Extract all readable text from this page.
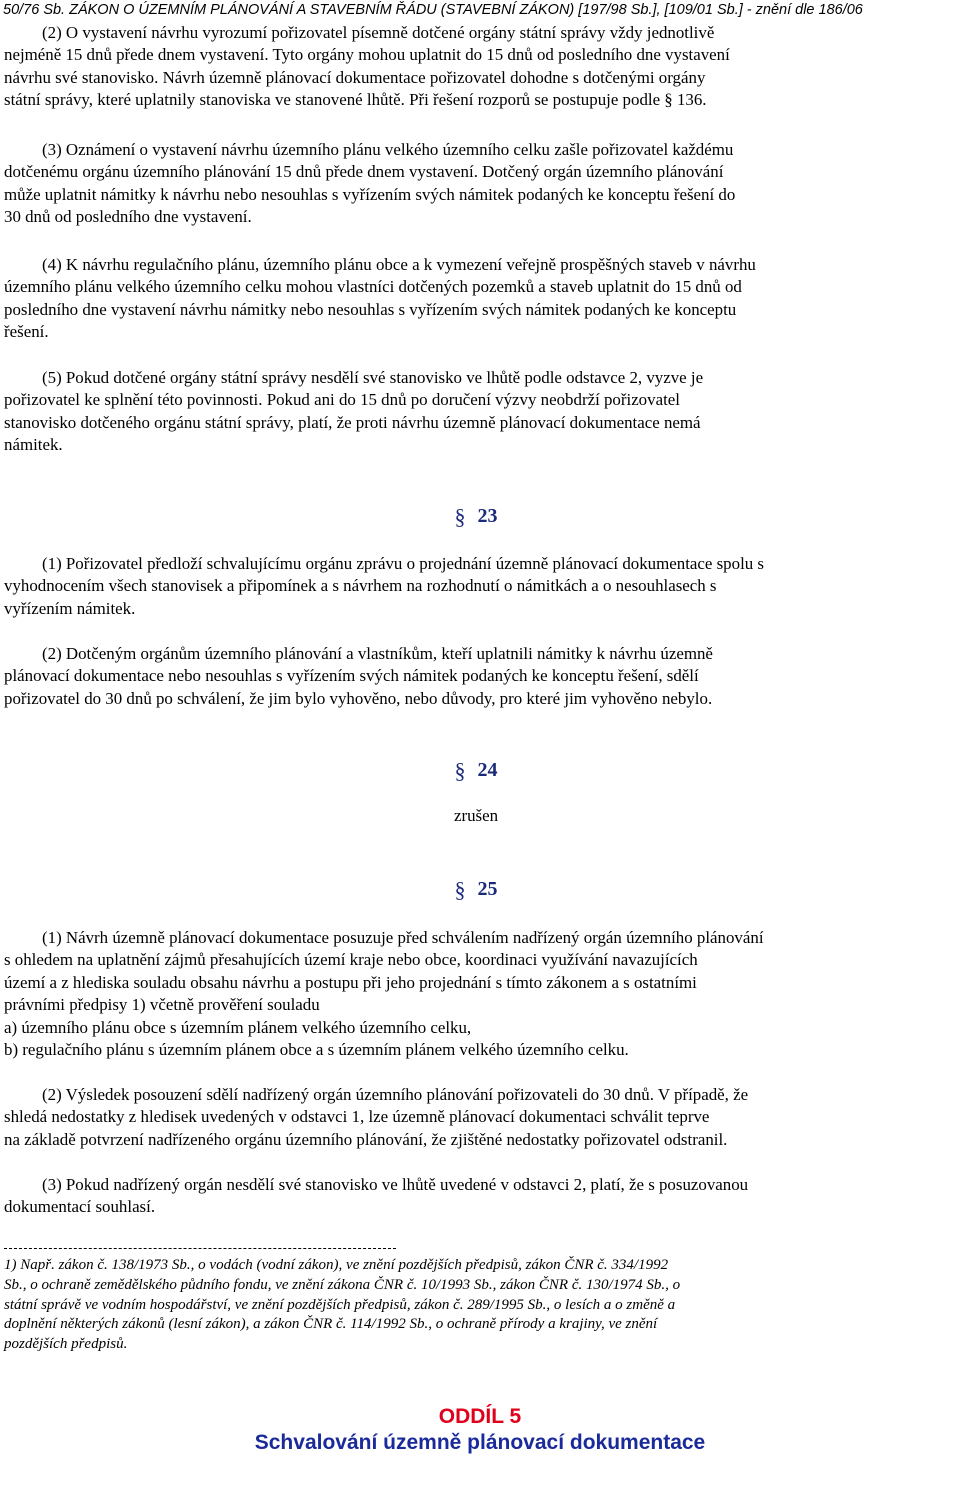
50/76 Sb. ZÁKON O ÚZEMNÍM PLÁNOVÁNÍ A STAVEBNÍM ŘÁDU (STAVEBNÍ ZÁKON) [197/98 Sb.], [109/01 Sb.] - znění dle 186/06
(2) O vystavení návrhu vyrozumí pořizovatel písemně dotčené orgány státní správy vždy jednotlivě
nejméně 15 dnů přede dnem vystavení. Tyto orgány mohou uplatnit do 15 dnů od posledního dne vystavení
návrhu své stanovisko. Návrh územně plánovací dokumentace pořizovatel dohodne s dotčenými orgány
státní správy, které uplatnily stanoviska ve stanovené lhůtě. Při řešení rozporů se postupuje podle § 136.
(3) Oznámení o vystavení návrhu územního plánu velkého územního celku zašle pořizovatel každému
dotčenému orgánu územního plánování 15 dnů přede dnem vystavení. Dotčený orgán územního plánování
může uplatnit námitky k návrhu nebo nesouhlas s vyřízením svých námitek podaných ke konceptu řešení do
30 dnů od posledního dne vystavení.
(4) K návrhu regulačního plánu, územního plánu obce a k vymezení veřejně prospěšných staveb v návrhu
územního plánu velkého územního celku mohou vlastníci dotčených pozemků a staveb uplatnit do 15 dnů od
posledního dne vystavení návrhu námitky nebo nesouhlas s vyřízením svých námitek podaných ke konceptu
řešení.
(5) Pokud dotčené orgány státní správy nesdělí své stanovisko ve lhůtě podle odstavce 2, vyzve je
pořizovatel ke splnění této povinnosti. Pokud ani do 15 dnů po doručení výzvy neobdrží pořizovatel
stanovisko dotčeného orgánu státní správy, platí, že proti návrhu územně plánovací dokumentace nemá
námitek.
§ 23
(1) Pořizovatel předloží schvalujícímu orgánu zprávu o projednání územně plánovací dokumentace spolu s
vyhodnocením všech stanovisek a připomínek a s návrhem na rozhodnutí o námitkách a o nesouhlasech s
vyřízením námitek.
(2) Dotčeným orgánům územního plánování a vlastníkům, kteří uplatnili námitky k návrhu územně
plánovací dokumentace nebo nesouhlas s vyřízením svých námitek podaných ke konceptu řešení, sdělí
pořizovatel do 30 dnů po schválení, že jim bylo vyhověno, nebo důvody, pro které jim vyhověno nebylo.
§ 24
zrušen
§ 25
(1) Návrh územně plánovací dokumentace posuzuje před schválením nadřízený orgán územního plánování
s ohledem na uplatnění zájmů přesahujících území kraje nebo obce, koordinaci využívání navazujících
území a z hlediska souladu obsahu návrhu a postupu při jeho projednání s tímto zákonem a s ostatními
právními předpisy 1) včetně prověření souladu
a) územního plánu obce s územním plánem velkého územního celku,
b) regulačního plánu s územním plánem obce a s územním plánem velkého územního celku.
(2) Výsledek posouzení sdělí nadřízený orgán územního plánování pořizovateli do 30 dnů. V případě, že
shledá nedostatky z hledisek uvedených v odstavci 1, lze územně plánovací dokumentaci schválit teprve
na základě potvrzení nadřízeného orgánu územního plánování, že zjištěné nedostatky pořizovatel odstranil.
(3) Pokud nadřízený orgán nesdělí své stanovisko ve lhůtě uvedené v odstavci 2, platí, že s posuzovanou
dokumentací souhlasí.
1) Např. zákon č. 138/1973 Sb., o vodách (vodní zákon), ve znění pozdějších předpisů, zákon ČNR č. 334/1992
Sb., o ochraně zemědělského půdního fondu, ve znění zákona ČNR č. 10/1993 Sb., zákon ČNR č. 130/1974 Sb., o
státní správě ve vodním hospodářství, ve znění pozdějších předpisů, zákon č. 289/1995 Sb., o lesích a o změně a
doplnění některých zákonů (lesní zákon), a zákon ČNR č. 114/1992 Sb., o ochraně přírody a krajiny, ve znění
pozdějších předpisů.
ODDÍL 5
Schvalování územně plánovací dokumentace
